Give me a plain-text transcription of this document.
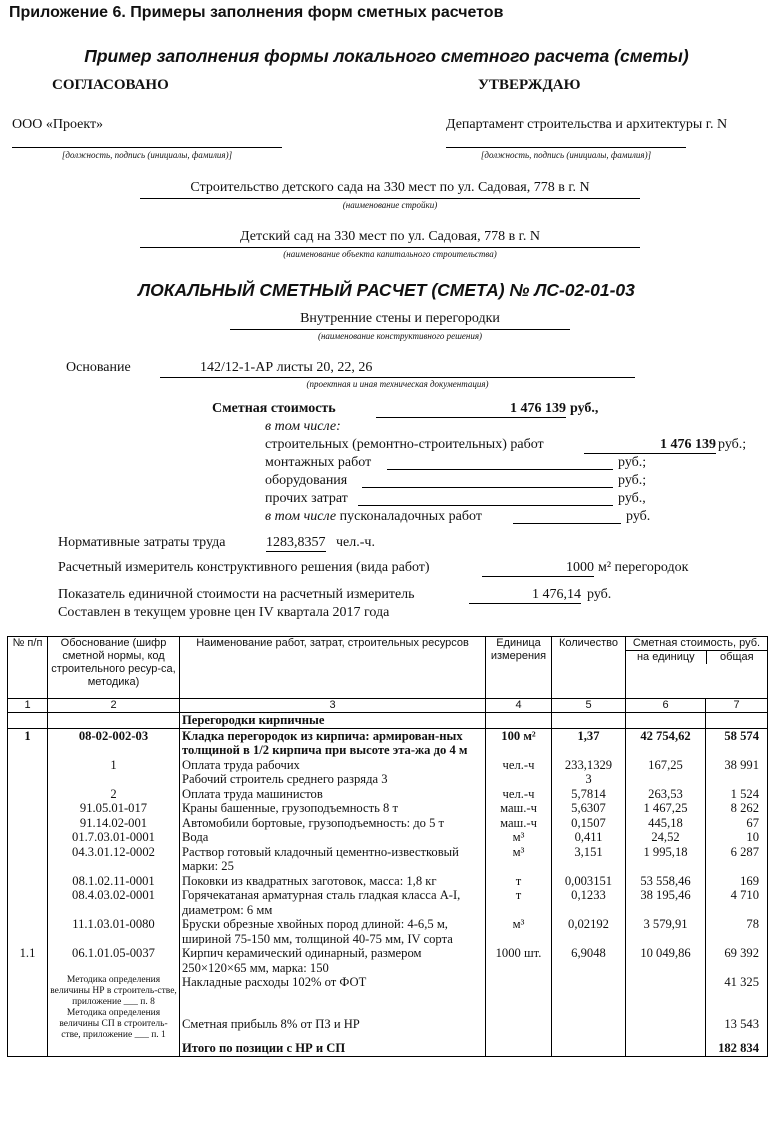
Приложение 6. Примеры заполнения форм сметных расчетов
Пример заполнения формы локального сметного расчета (сметы)
СОГЛАСОВАНО	УТВЕРЖДАЮ
ООО «Проект»	Департамент строительства и архитектуры г. N
[должность, подпись (инициалы, фамилия)]	[должность, подпись (инициалы, фамилия)]
Строительство детского сада на 330 мест по ул. Садовая, 778 в г. N
(наименование стройки)
Детский сад на 330 мест по ул. Садовая, 778 в г. N
(наименование объекта капитального строительства)
ЛОКАЛЬНЫЙ СМЕТНЫЙ РАСЧЕТ (СМЕТА) № ЛС-02-01-03
Внутренние стены и перегородки
(наименование конструктивного решения)
Основание	142/12-1-АР листы 20, 22, 26
(проектная и иная техническая документация)
Сметная стоимость	1 476 139 руб.,
в том числе:
строительных (ремонтно-строительных) работ	1 476 139 руб.;
монтажных работ	руб.;
оборудования	руб.;
прочих затрат	руб.,
в том числе пусконаладочных работ	руб.
Нормативные затраты труда	1283,8357 чел.-ч.
Расчетный измеритель конструктивного решения (вида работ)	1000 м² перегородок
Показатель единичной стоимости на расчетный измеритель	1 476,14 руб.
Составлен в текущем уровне цен IV квартала 2017 года
№ п/п	Обоснование (шифр сметной нормы, код строительного ресур-са, методика)	Наименование работ, затрат, строительных ресурсов	Единица измерения	Количество	Сметная стоимость, руб.
на единицу общая	

1	2	3	4	5	6	7
		Перегородки кирпичные				
1	08-02-002-03	Кладка перегородок из кирпича: армирован-ных толщиной в 1/2 кирпича при высоте эта-жа до 4 м	100 м²	1,37	42 754,62	58 574
	1	Оплата труда рабочих	чел.-ч	233,1329	167,25	38 991
		Рабочий строитель среднего разряда 3		3		
	2	Оплата труда машинистов	чел.-ч	5,7814	263,53	1 524
	91.05.01-017	Краны башенные, грузоподъемность 8 т	маш.-ч	5,6307	1 467,25	8 262
	91.14.02-001	Автомобили бортовые, грузоподъемность: до 5 т	маш.-ч	0,1507	445,18	67
	01.7.03.01-0001	Вода	м³	0,411	24,52	10
	04.3.01.12-0002	Раствор готовый кладочный цементно-известковый марки: 25	м³	3,151	1 995,18	6 287
	08.1.02.11-0001	Поковки из квадратных заготовок, масса: 1,8 кг	т	0,003151	53 558,46	169
	08.4.03.02-0001	Горячекатаная арматурная сталь гладкая класса А-I, диаметром: 6 мм	т	0,1233	38 195,46	4 710
	11.1.03.01-0080	Бруски обрезные хвойных пород длиной: 4-6,5 м, шириной 75-150 мм, толщиной 40-75 мм, IV сорта	м³	0,02192	3 579,91	78
1.1	06.1.01.05-0037	Кирпич керамический одинарный, размером 250×120×65 мм, марка: 150	1000 шт.	6,9048	10 049,86	69 392
	Методика определения величины НР в строитель-стве, приложение ___ п. 8	Накладные расходы 102% от ФОТ				41 325
	Методика определения величины СП в строитель-стве, приложение ___ п. 1	Сметная прибыль 8% от ПЗ и НР				13 543
		Итого по позиции с НР и СП				182 834
